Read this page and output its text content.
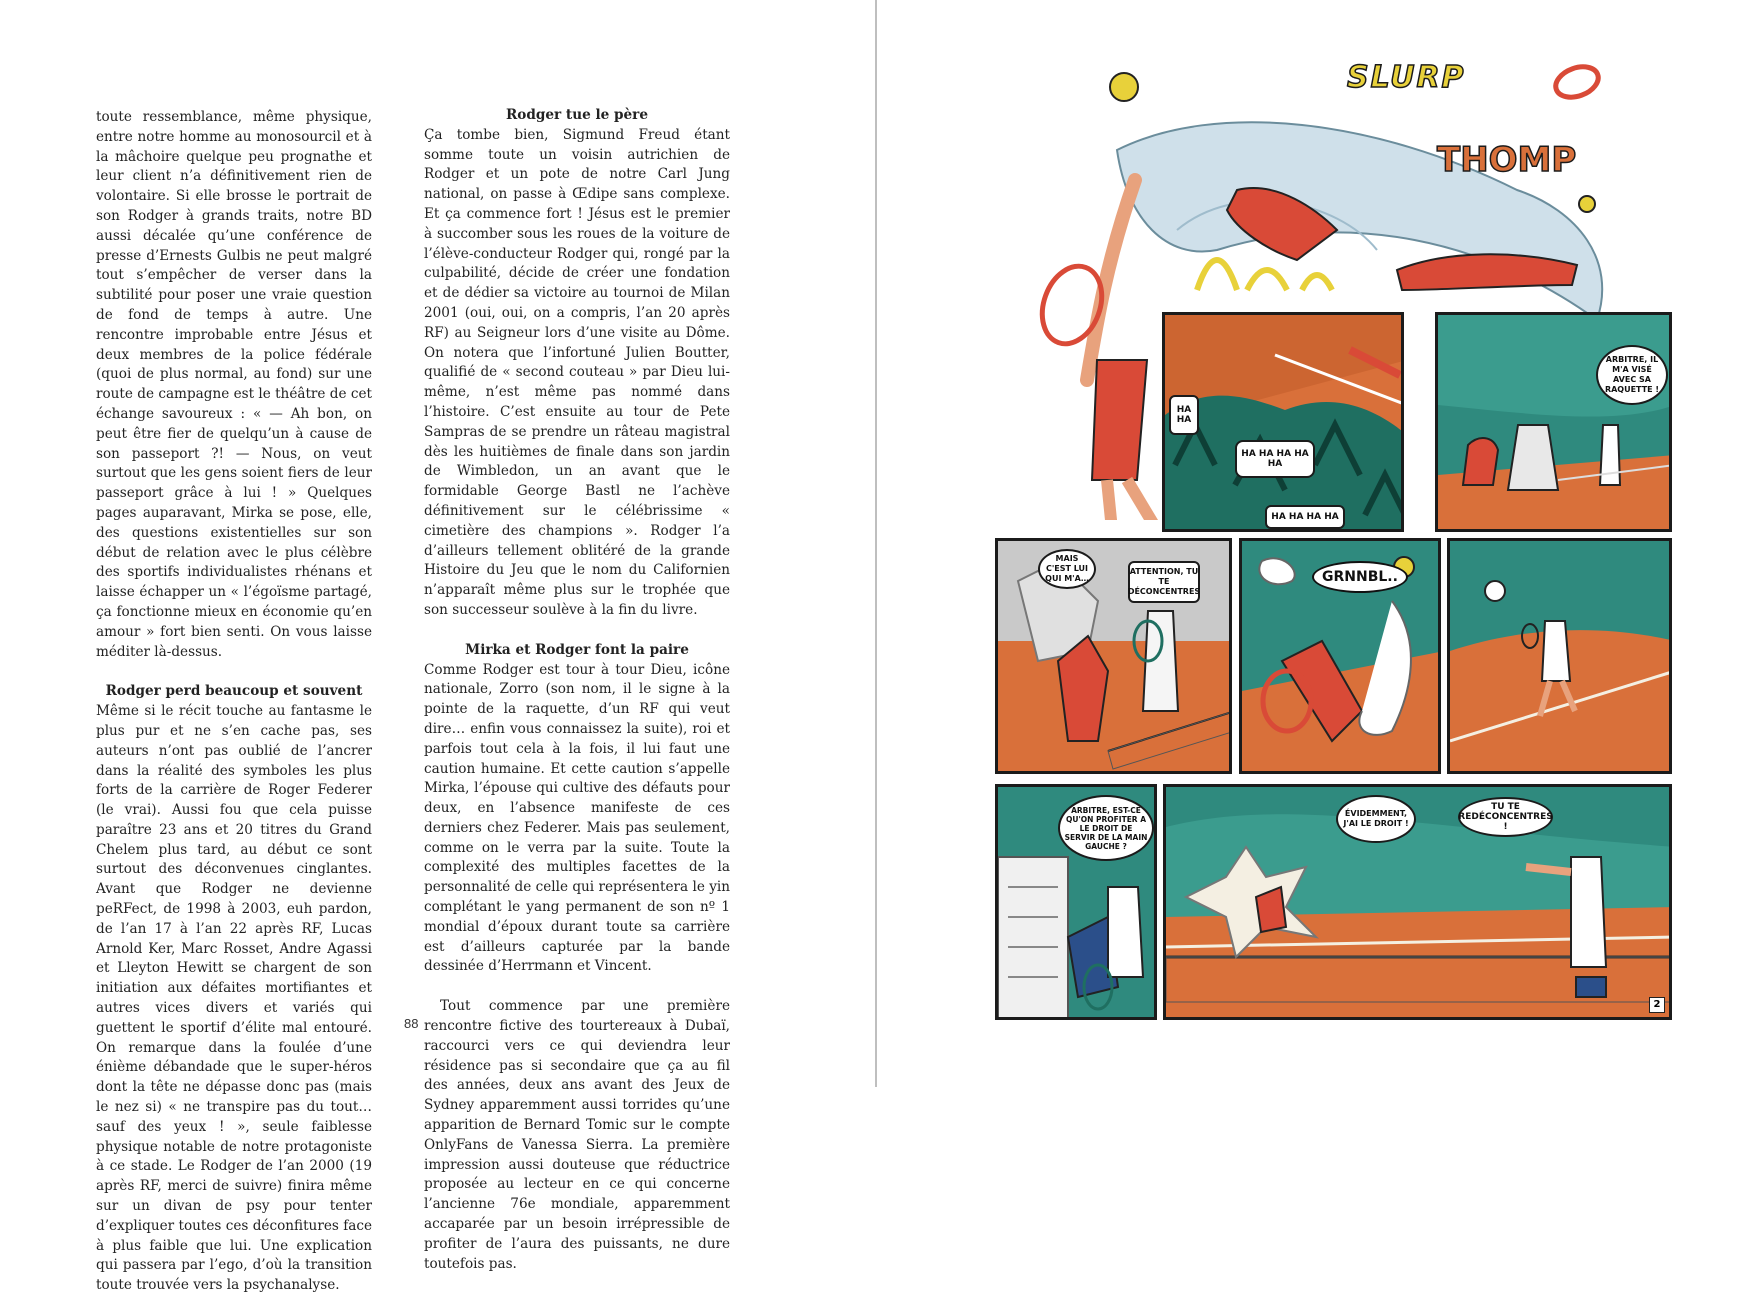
toute ressemblance, même physique, entre notre homme au monosourcil et à la mâchoire quelque peu prognathe et leur client n’a définitivement rien de volontaire. Si elle brosse le portrait de son Rodger à grands traits, notre BD aussi décalée qu’une conférence de presse d’Ernests Gulbis ne peut malgré tout s’empêcher de verser dans la subtilité pour poser une vraie question de fond de temps à autre. Une rencontre improbable entre Jésus et deux membres de la police fédérale (quoi de plus normal, au fond) sur une route de campagne est le théâtre de cet échange savoureux : « — Ah bon, on peut être fier de quelqu’un à cause de son passeport ?! — Nous, on veut surtout que les gens soient fiers de leur passeport grâce à lui ! » Quelques pages auparavant, Mirka se pose, elle, des questions existentielles sur son début de relation avec le plus célèbre des sportifs individualistes rhénans et laisse échapper un « l’égoïsme partagé, ça fonctionne mieux en économie qu’en amour » fort bien senti. On vous laisse méditer là-dessus.

Rodger perd beaucoup et souvent

Même si le récit touche au fantasme le plus pur et ne s’en cache pas, ses auteurs n’ont pas oublié de l’ancrer dans la réalité des symboles les plus forts de la carrière de Roger Federer (le vrai). Aussi fou que cela puisse paraître 23 ans et 20 titres du Grand Chelem plus tard, au début ce sont surtout des déconvenues cinglantes. Avant que Rodger ne devienne peRFect, de 1998 à 2003, euh pardon, de l’an 17 à l’an 22 après RF, Lucas Arnold Ker, Marc Rosset, Andre Agassi et Lleyton Hewitt se chargent de son initiation aux défaites mortifiantes et autres vices divers et variés qui guettent le sportif d’élite mal entouré. On remarque dans la foulée d’une énième débandade que le super-héros dont la tête ne dépasse donc pas (mais le nez si) « ne transpire pas du tout… sauf des yeux ! », seule faiblesse physique notable de notre protagoniste à ce stade. Le Rodger de l’an 2000 (19 après RF, merci de suivre) finira même sur un divan de psy pour tenter d’expliquer toutes ces déconfitures face à plus faible que lui. Une explication qui passera par l’ego, d’où la transition toute trouvée vers la psychanalyse.

Rodger tue le père

Ça tombe bien, Sigmund Freud étant somme toute un voisin autrichien de Rodger et un pote de notre Carl Jung national, on passe à Œdipe sans complexe. Et ça commence fort ! Jésus est le premier à succomber sous les roues de la voiture de l’élève-conducteur Rodger qui, rongé par la culpabilité, décide de créer une fondation et de dédier sa victoire au tournoi de Milan 2001 (oui, oui, on a compris, l’an 20 après RF) au Seigneur lors d’une visite au Dôme. On notera que l’infortuné Julien Boutter, qualifié de « second couteau » par Dieu lui-même, n’est même pas nommé dans l’histoire. C’est ensuite au tour de Pete Sampras de se prendre un râteau magistral dès les huitièmes de finale dans son jardin de Wimbledon, un an avant que le formidable George Bastl ne l’achève définitivement sur le célébrissime « cimetière des champions ». Rodger l’a d’ailleurs tellement oblitéré de la grande Histoire du Jeu que le nom du Californien n’apparaît même plus sur le trophée que son successeur soulève à la fin du livre.

Mirka et Rodger font la paire

Comme Rodger est tour à tour Dieu, icône nationale, Zorro (son nom, il le signe à la pointe de la raquette, d’un RF qui veut dire… enfin vous connaissez la suite), roi et parfois tout cela à la fois, il lui faut une caution humaine. Et cette caution s’appelle Mirka, l’épouse qui cultive des défauts pour deux, en l’absence manifeste de ces derniers chez Federer. Mais pas seulement, comme on le verra par la suite. Toute la complexité des multiples facettes de la personnalité de celle qui représentera le yin complétant le yang permanent de son nº 1 mondial d’époux durant toute sa carrière est d’ailleurs capturée par la bande dessinée d’Herrmann et Vincent.

Tout commence par une première rencontre fictive des tourtereaux à Dubaï, raccourci vers ce qui deviendra leur résidence pas si secondaire que ça au fil des années, deux ans avant des Jeux de Sydney apparemment aussi torrides qu’une apparition de Bernard Tomic sur le compte OnlyFans de Vanessa Sierra. La première impression aussi douteuse que réductrice proposée au lecteur en ce qui concerne l’ancienne 76e mondiale, apparemment accaparée par un besoin irrépressible de profiter de l’aura des puissants, ne dure toutefois pas.

88
SLURP
THOMP
HA HA
HA HA HA HA HA
HA HA HA HA
ARBITRE, IL M'A VISÉ AVEC SA RAQUETTE !
MAIS C'EST LUI QUI M'A…
ATTENTION, TU TE DÉCONCENTRES
GRNNBL..
ARBITRE, EST-CE QU'ON PROFITER A LE DROIT DE SERVIR DE LA MAIN GAUCHE ?
ÉVIDEMMENT, J'AI LE DROIT !
TU TE REDÉCONCENTRES !
2
